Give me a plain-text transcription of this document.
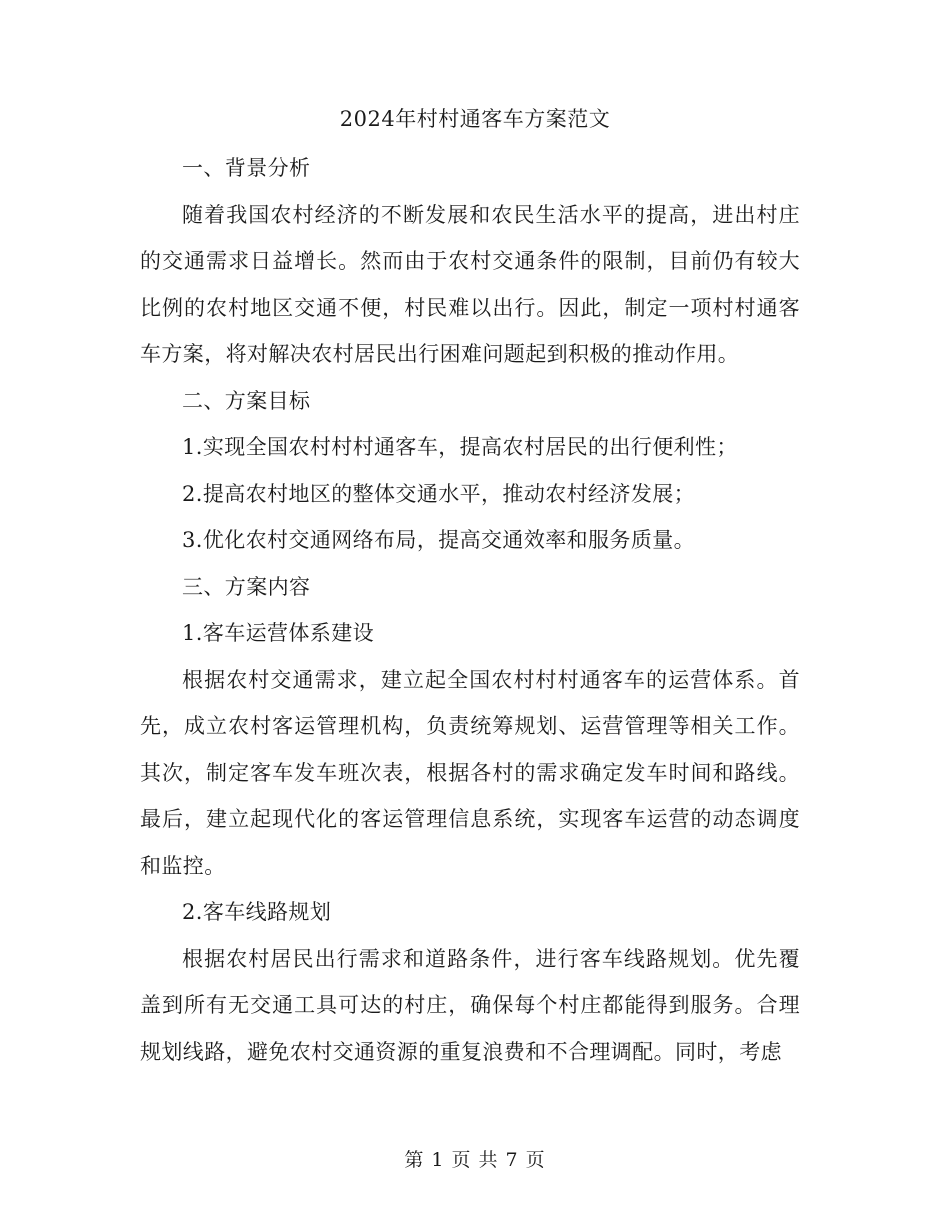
2024年村村通客车方案范文

一、背景分析

随着我国农村经济的不断发展和农民生活水平的提高，进出村庄的交通需求日益增长。然而由于农村交通条件的限制，目前仍有较大比例的农村地区交通不便，村民难以出行。因此，制定一项村村通客车方案，将对解决农村居民出行困难问题起到积极的推动作用。

二、方案目标

1.实现全国农村村村通客车，提高农村居民的出行便利性；

2.提高农村地区的整体交通水平，推动农村经济发展；

3.优化农村交通网络布局，提高交通效率和服务质量。

三、方案内容

1.客车运营体系建设

根据农村交通需求，建立起全国农村村村通客车的运营体系。首先，成立农村客运管理机构，负责统筹规划、运营管理等相关工作。其次，制定客车发车班次表，根据各村的需求确定发车时间和路线。最后，建立起现代化的客运管理信息系统，实现客车运营的动态调度和监控。

2.客车线路规划

根据农村居民出行需求和道路条件，进行客车线路规划。优先覆盖到所有无交通工具可达的村庄，确保每个村庄都能得到服务。合理规划线路，避免农村交通资源的重复浪费和不合理调配。同时，考虑

第 1 页 共 7 页
